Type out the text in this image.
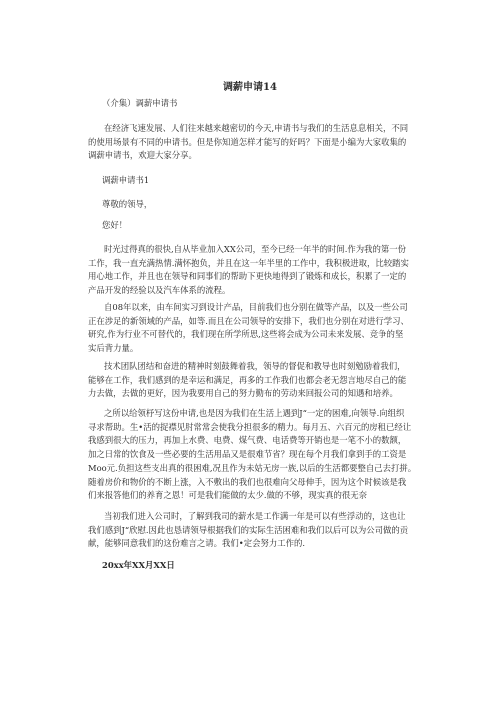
调薪申请14

（介集）调薪申请书

在经济飞速发展、人们往来越来越密切的今天,申请书与我们的生活息息相关，不同
的使用场景有不同的申请书。但是你知道怎样才能写的好吗？下面是小编为大家收集的
调薪申请书，欢迎大家分享。

调薪申请书1

尊敬的领导，

您好！

时光过得真的很快,自从毕业加入XX公司，至今已经一年半的时间.作为我的第一份
工作，我一直充满热情.满怀抱负，并且在这一年半里的工作中，我积极进取，比较踏实
用心地工作，并且也在领导和同事们的帮助下更快地得到了锻炼和成长，积累了一定的
产品开发的经验以及汽车体系的流程。
自08年以来，由车间实习到设计产品，目前我们也分别在做等产品，以及一些公司
正在涉足的新领域的产品，如等.而且在公司领导的安排下，我们也分别在对进行学习、
研究,作为行业不可替代的，我们现在所学所思,这些将会成为公司未来发展、竞争的坚
实后背力量。
技术团队团结和奋进的精神时刻鼓舞着我，领导的督促和教导也时刻勉励着我们，
能够在工作，我们感到的是幸运和满足，再多的工作我们也都会老无怨言地尽自己的能
力去做，去做的更好，因为我要用自己的努力勤布的劳动来回报公司的知遇和培养。
之所以给领杼写这份申请,也是因为我们在生活上遇到J“一定的困难,向领导.向组织
寻求帮助。生•活的捉襟见肘常常会使我分担很多的精力。每月五、六百元的房租已经让
我感到很大的压力，再加上水费、电费、煤气费、电话费等开销也是一笔不小的数额，
加之日常的饮食及一些必要的生活用品又是很难节省？现在每个月我们拿到手的工资是
Moo元.负担这些支出真的很困难,况且作为未姑无房一族,以后的生活都要整自己去打拼。
随着房价和物价的不断上涨，入不敷出的我们也很难向父母伸手，因为这个时候该是我
们来报答他们的养育之恩！可是我们能做的太少.做的不够，现实真的很无奈
当初我们进入公司时，了解到我司的薪水是工作满一年是可以有些浮动的，这也让
我们感到J“欣慰.因此也恳请领导根据我们的实际生活困难和我们以后可以为公司做的贡
献，能够同意我们的这份难言之请。我们•定会努力工作的.

20xx年XX月XX日
